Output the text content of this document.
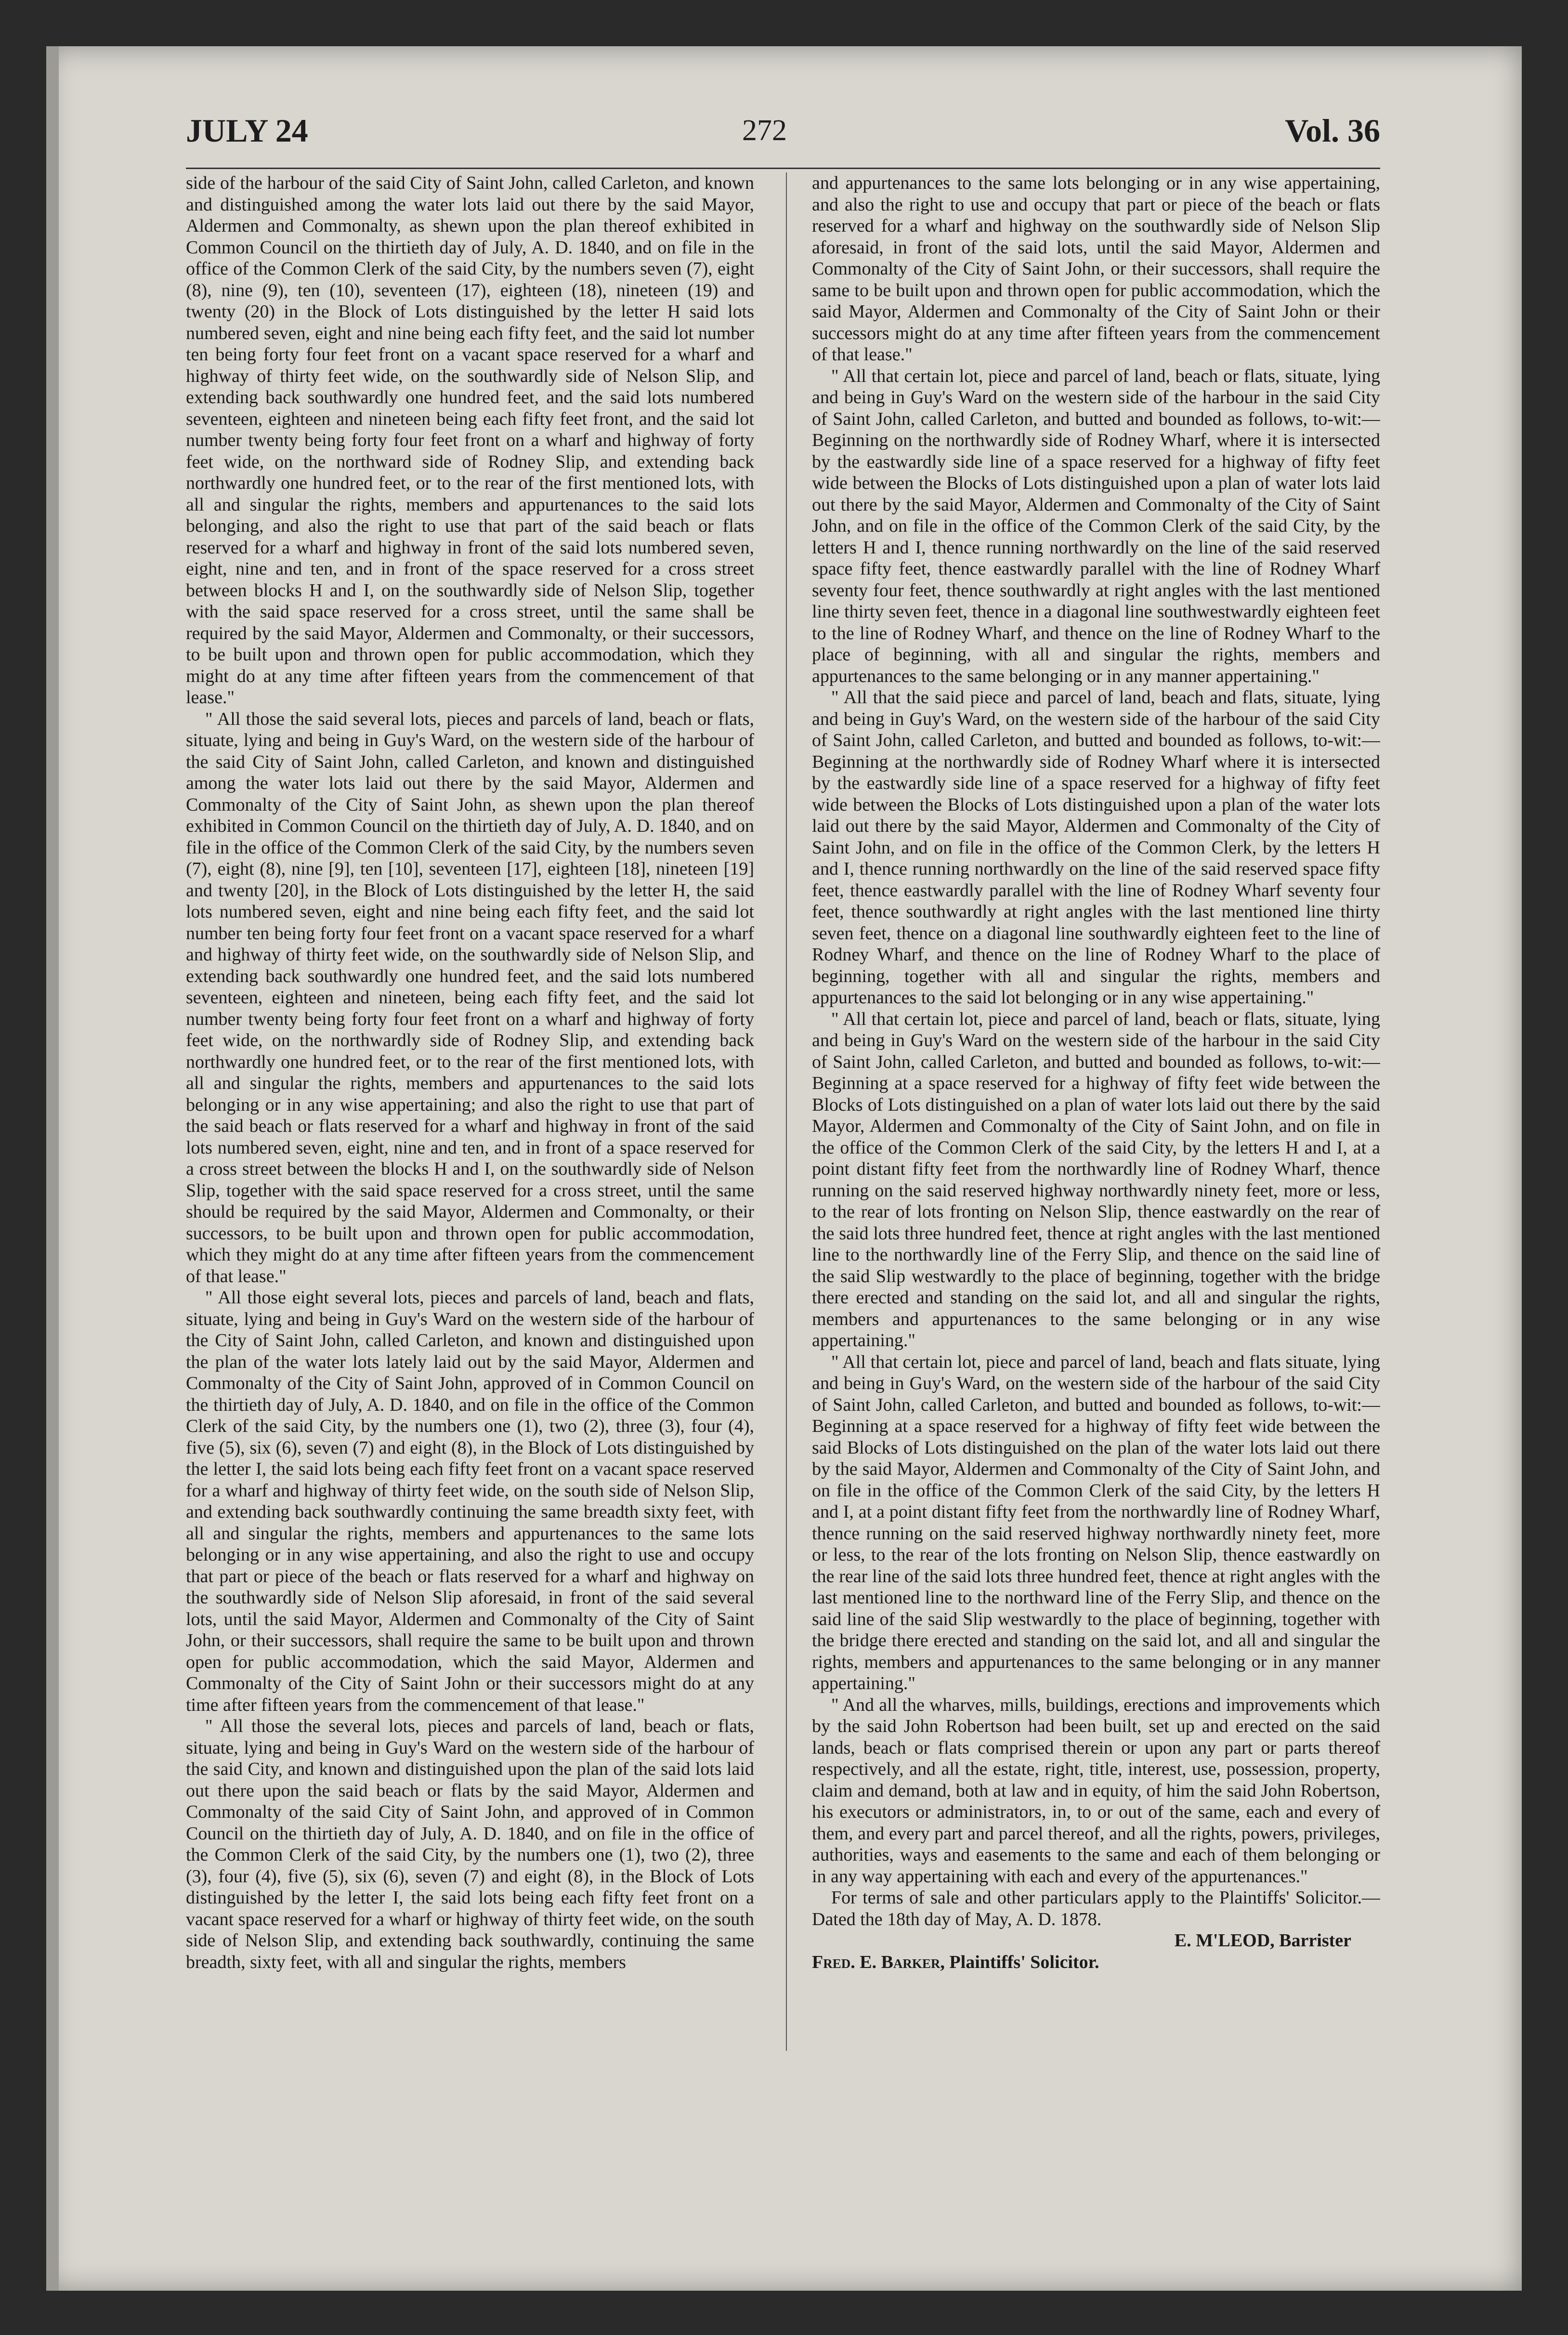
JULY 24	272	Vol. 36

side of the harbour of the said City of Saint John, called Carleton, and known and distinguished among the water lots laid out there by the said Mayor, Aldermen and Commonalty, as shewn upon the plan thereof exhibited in Common Council on the thirtieth day of July, A. D. 1840, and on file in the office of the Common Clerk of the said City, by the numbers seven (7), eight (8), nine (9), ten (10), seventeen (17), eighteen (18), nineteen (19) and twenty (20) in the Block of Lots distinguished by the letter H said lots numbered seven, eight and nine being each fifty feet, and the said lot number ten being forty four feet front on a vacant space reserved for a wharf and highway of thirty feet wide, on the southwardly side of Nelson Slip, and extending back southwardly one hundred feet, and the said lots numbered seventeen, eighteen and nineteen being each fifty feet front, and the said lot number twenty being forty four feet front on a wharf and highway of forty feet wide, on the northward side of Rodney Slip, and extending back northwardly one hundred feet, or to the rear of the first mentioned lots, with all and singular the rights, members and appurtenances to the said lots belonging, and also the right to use that part of the said beach or flats reserved for a wharf and highway in front of the said lots numbered seven, eight, nine and ten, and in front of the space reserved for a cross street between blocks H and I, on the southwardly side of Nelson Slip, together with the said space reserved for a cross street, until the same shall be required by the said Mayor, Aldermen and Commonalty, or their successors, to be built upon and thrown open for public accommodation, which they might do at any time after fifteen years from the commencement of that lease."

" All those the said several lots, pieces and parcels of land, beach or flats, situate, lying and being in Guy's Ward, on the western side of the harbour of the said City of Saint John, called Carleton, and known and distinguished among the water lots laid out there by the said Mayor, Aldermen and Commonalty of the City of Saint John, as shewn upon the plan thereof exhibited in Common Council on the thirtieth day of July, A. D. 1840, and on file in the office of the Common Clerk of the said City, by the numbers seven (7), eight (8), nine [9], ten [10], seventeen [17], eighteen [18], nineteen [19] and twenty [20], in the Block of Lots distinguished by the letter H, the said lots numbered seven, eight and nine being each fifty feet, and the said lot number ten being forty four feet front on a vacant space reserved for a wharf and highway of thirty feet wide, on the southwardly side of Nelson Slip, and extending back southwardly one hundred feet, and the said lots numbered seventeen, eighteen and nineteen, being each fifty feet, and the said lot number twenty being forty four feet front on a wharf and highway of forty feet wide, on the northwardly side of Rodney Slip, and extending back northwardly one hundred feet, or to the rear of the first mentioned lots, with all and singular the rights, members and appurtenances to the said lots belonging or in any wise appertaining; and also the right to use that part of the said beach or flats reserved for a wharf and highway in front of the said lots numbered seven, eight, nine and ten, and in front of a space reserved for a cross street between the blocks H and I, on the southwardly side of Nelson Slip, together with the said space reserved for a cross street, until the same should be required by the said Mayor, Aldermen and Commonalty, or their successors, to be built upon and thrown open for public accommodation, which they might do at any time after fifteen years from the commencement of that lease."

" All those eight several lots, pieces and parcels of land, beach and flats, situate, lying and being in Guy's Ward on the western side of the harbour of the City of Saint John, called Carleton, and known and distinguished upon the plan of the water lots lately laid out by the said Mayor, Aldermen and Commonalty of the City of Saint John, approved of in Common Council on the thirtieth day of July, A. D. 1840, and on file in the office of the Common Clerk of the said City, by the numbers one (1), two (2), three (3), four (4), five (5), six (6), seven (7) and eight (8), in the Block of Lots distinguished by the letter I, the said lots being each fifty feet front on a vacant space reserved for a wharf and highway of thirty feet wide, on the south side of Nelson Slip, and extending back southwardly continuing the same breadth sixty feet, with all and singular the rights, members and appurtenances to the same lots belonging or in any wise appertaining, and also the right to use and occupy that part or piece of the beach or flats reserved for a wharf and highway on the southwardly side of Nelson Slip aforesaid, in front of the said several lots, until the said Mayor, Aldermen and Commonalty of the City of Saint John, or their successors, shall require the same to be built upon and thrown open for public accommodation, which the said Mayor, Aldermen and Commonalty of the City of Saint John or their successors might do at any time after fifteen years from the commencement of that lease."

" All those the several lots, pieces and parcels of land, beach or flats, situate, lying and being in Guy's Ward on the western side of the harbour of the said City, and known and distinguished upon the plan of the said lots laid out there upon the said beach or flats by the said Mayor, Aldermen and Commonalty of the said City of Saint John, and approved of in Common Council on the thirtieth day of July, A. D. 1840, and on file in the office of the Common Clerk of the said City, by the numbers one (1), two (2), three (3), four (4), five (5), six (6), seven (7) and eight (8), in the Block of Lots distinguished by the letter I, the said lots being each fifty feet front on a vacant space reserved for a wharf or highway of thirty feet wide, on the south side of Nelson Slip, and extending back southwardly, continuing the same breadth, sixty feet, with all and singular the rights, members

and appurtenances to the same lots belonging or in any wise appertaining, and also the right to use and occupy that part or piece of the beach or flats reserved for a wharf and highway on the southwardly side of Nelson Slip aforesaid, in front of the said lots, until the said Mayor, Aldermen and Commonalty of the City of Saint John, or their successors, shall require the same to be built upon and thrown open for public accommodation, which the said Mayor, Aldermen and Commonalty of the City of Saint John or their successors might do at any time after fifteen years from the commencement of that lease."

" All that certain lot, piece and parcel of land, beach or flats, situate, lying and being in Guy's Ward on the western side of the harbour in the said City of Saint John, called Carleton, and butted and bounded as follows, to-wit:—Beginning on the northwardly side of Rodney Wharf, where it is intersected by the eastwardly side line of a space reserved for a highway of fifty feet wide between the Blocks of Lots distinguished upon a plan of water lots laid out there by the said Mayor, Aldermen and Commonalty of the City of Saint John, and on file in the office of the Common Clerk of the said City, by the letters H and I, thence running northwardly on the line of the said reserved space fifty feet, thence eastwardly parallel with the line of Rodney Wharf seventy four feet, thence southwardly at right angles with the last mentioned line thirty seven feet, thence in a diagonal line southwestwardly eighteen feet to the line of Rodney Wharf, and thence on the line of Rodney Wharf to the place of beginning, with all and singular the rights, members and appurtenances to the same belonging or in any manner appertaining."

" All that the said piece and parcel of land, beach and flats, situate, lying and being in Guy's Ward, on the western side of the harbour of the said City of Saint John, called Carleton, and butted and bounded as follows, to-wit:—Beginning at the northwardly side of Rodney Wharf where it is intersected by the eastwardly side line of a space reserved for a highway of fifty feet wide between the Blocks of Lots distinguished upon a plan of the water lots laid out there by the said Mayor, Aldermen and Commonalty of the City of Saint John, and on file in the office of the Common Clerk, by the letters H and I, thence running northwardly on the line of the said reserved space fifty feet, thence eastwardly parallel with the line of Rodney Wharf seventy four feet, thence southwardly at right angles with the last mentioned line thirty seven feet, thence on a diagonal line southwardly eighteen feet to the line of Rodney Wharf, and thence on the line of Rodney Wharf to the place of beginning, together with all and singular the rights, members and appurtenances to the said lot belonging or in any wise appertaining."

" All that certain lot, piece and parcel of land, beach or flats, situate, lying and being in Guy's Ward on the western side of the harbour in the said City of Saint John, called Carleton, and butted and bounded as follows, to-wit:—Beginning at a space reserved for a highway of fifty feet wide between the Blocks of Lots distinguished on a plan of water lots laid out there by the said Mayor, Aldermen and Commonalty of the City of Saint John, and on file in the office of the Common Clerk of the said City, by the letters H and I, at a point distant fifty feet from the northwardly line of Rodney Wharf, thence running on the said reserved highway northwardly ninety feet, more or less, to the rear of lots fronting on Nelson Slip, thence eastwardly on the rear of the said lots three hundred feet, thence at right angles with the last mentioned line to the northwardly line of the Ferry Slip, and thence on the said line of the said Slip westwardly to the place of beginning, together with the bridge there erected and standing on the said lot, and all and singular the rights, members and appurtenances to the same belonging or in any wise appertaining."

" All that certain lot, piece and parcel of land, beach and flats situate, lying and being in Guy's Ward, on the western side of the harbour of the said City of Saint John, called Carleton, and butted and bounded as follows, to-wit:—Beginning at a space reserved for a highway of fifty feet wide between the said Blocks of Lots distinguished on the plan of the water lots laid out there by the said Mayor, Aldermen and Commonalty of the City of Saint John, and on file in the office of the Common Clerk of the said City, by the letters H and I, at a point distant fifty feet from the northwardly line of Rodney Wharf, thence running on the said reserved highway northwardly ninety feet, more or less, to the rear of the lots fronting on Nelson Slip, thence eastwardly on the rear line of the said lots three hundred feet, thence at right angles with the last mentioned line to the northward line of the Ferry Slip, and thence on the said line of the said Slip westwardly to the place of beginning, together with the bridge there erected and standing on the said lot, and all and singular the rights, members and appurtenances to the same belonging or in any manner appertaining."

" And all the wharves, mills, buildings, erections and improvements which by the said John Robertson had been built, set up and erected on the said lands, beach or flats comprised therein or upon any part or parts thereof respectively, and all the estate, right, title, interest, use, possession, property, claim and demand, both at law and in equity, of him the said John Robertson, his executors or administrators, in, to or out of the same, each and every of them, and every part and parcel thereof, and all the rights, powers, privileges, authorities, ways and easements to the same and each of them belonging or in any way appertaining with each and every of the appurtenances."

For terms of sale and other particulars apply to the Plaintiffs' Solicitor.—Dated the 18th day of May, A. D. 1878.

E. M'LEOD, Barrister

Fred. E. Barker, Plaintiffs' Solicitor.
